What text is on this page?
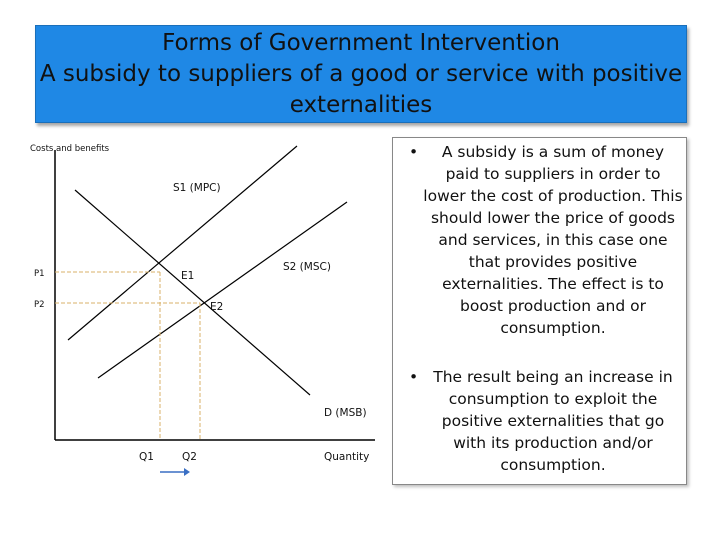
Forms of Government Intervention
A subsidy to suppliers of a good or service with positive
externalities
Costs and benefits
S1 (MPC)
S2 (MSC)
D (MSB)
E1
E2
P1
P2
Q1	Q2	Quantity
• A subsidy is a sum of money paid to suppliers in order to lower the cost of production. This should lower the price of goods and services, in this case one that provides positive externalities. The effect is to boost production and or consumption.
• The result being an increase in consumption to exploit the positive externalities that go with its production and/or consumption.
